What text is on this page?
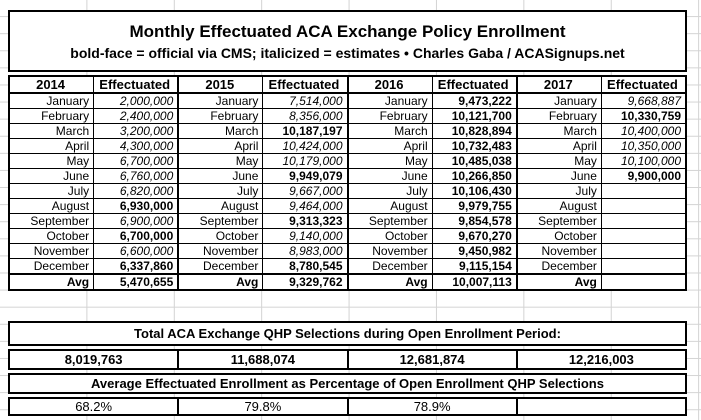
Monthly Effectuated ACA Exchange Policy Enrollment
bold-face = official via CMS; italicized = estimates • Charles Gaba / ACASignups.net
2014	Effectuated	2015	Effectuated	2016	Effectuated	2017	Effectuated
January	2,000,000	January	7,514,000	January	9,473,222	January	9,668,887
February	2,400,000	February	8,356,000	February	10,121,700	February	10,330,759
March	3,200,000	March	10,187,197	March	10,828,894	March	10,400,000
April	4,300,000	April	10,424,000	April	10,732,483	April	10,350,000
May	6,700,000	May	10,179,000	May	10,485,038	May	10,100,000
June	6,760,000	June	9,949,079	June	10,266,850	June	9,900,000
July	6,820,000	July	9,667,000	July	10,106,430	July	
August	6,930,000	August	9,464,000	August	9,979,755	August	
September	6,900,000	September	9,313,323	September	9,854,578	September	
October	6,700,000	October	9,140,000	October	9,670,270	October	
November	6,600,000	November	8,983,000	November	9,450,982	November	
December	6,337,860	December	8,780,545	December	9,115,154	December	
Avg	5,470,655	Avg	9,329,762	Avg	10,007,113	Avg	
Total ACA Exchange QHP Selections during Open Enrollment Period:
8,019,763	11,688,074	12,681,874	12,216,003
Average Effectuated Enrollment as Percentage of Open Enrollment QHP Selections
68.2%	79.8%	78.9%
